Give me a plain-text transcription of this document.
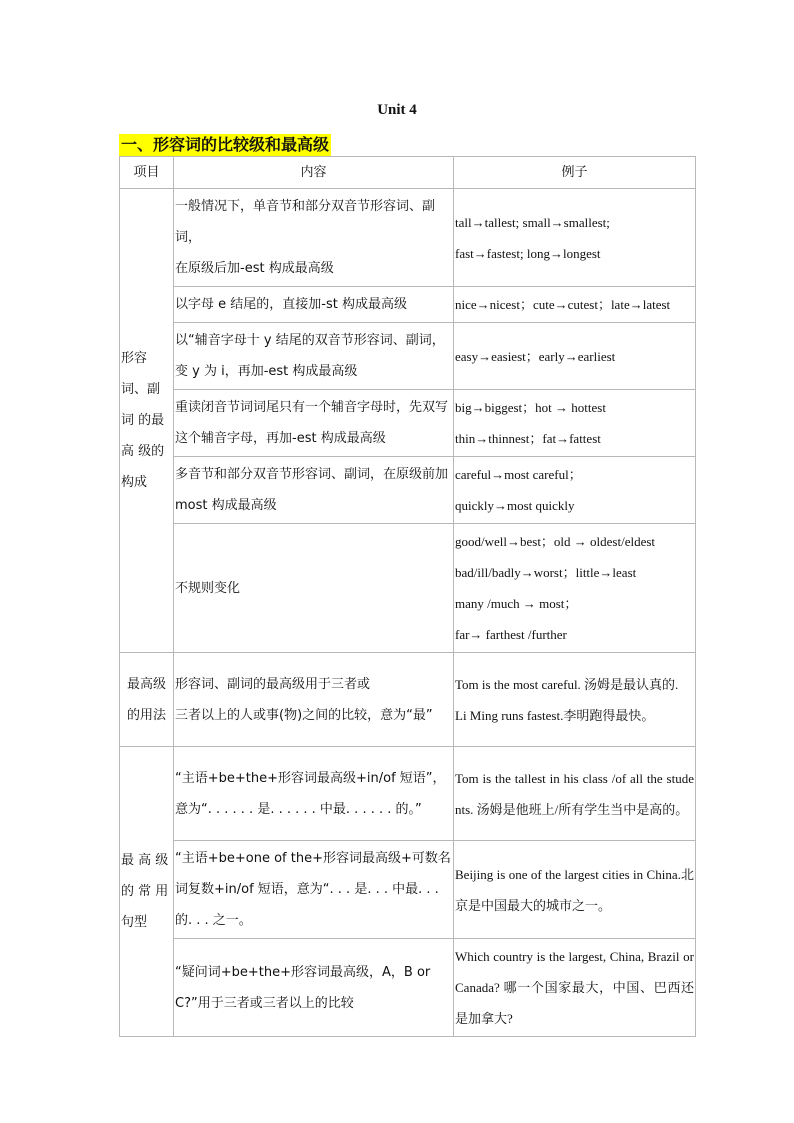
Unit 4
一、形容词的比较级和最高级
项目	内容	例子
形容词、副 词 的最 高 级的构成	一般情况下，单音节和部分双音节形容词、副词，
在原级后加-est 构成最高级	tall→tallest; small→smallest;
fast→fastest; long→longest

	以字母 e 结尾的，直接加-st 构成最高级	nice→nicest；cute→cutest；late→latest

	以“辅音字母十 y 结尾的双音节形容词、副词，变 y 为 i，再加-est 构成最高级	easy→easiest；early→earliest

	重读闭音节词词尾只有一个辅音字母时，先双写这个辅音字母，再加-est 构成最高级	big→biggest；hot → hottest
thin→thinnest；fat→fattest

	多音节和部分双音节形容词、副词，在原级前加 most 构成最高级	careful→most careful；
quickly→most quickly

	不规则变化	good/well→best；old → oldest/eldest
bad/ill/badly→worst；little→least
many /much → most；
far→ farthest /further

最高级的用法	形容词、副词的最高级用于三者或
三者以上的人或事(物)之间的比较，意为“最”	Tom is the most careful. 汤姆是最认真的.
Li Ming runs fastest.李明跑得最快。

最 高 级的 常 用句型	“主语+be+the+形容词最高级+in/of 短语”，意为“. . . . . . 是. . . . . . 中最. . . . . . 的。”	Tom is the tallest in his class /of all the students. 汤姆是他班上/所有学生当中是高的。

	“主语+be+one of the+形容词最高级+可数名词复数+in/of 短语，意为“. . . 是. . . 中最. . . 的. . . 之一。	Beijing is one of the largest cities in China.北京是中国最大的城市之一。

	“疑问词+be+the+形容词最高级，A，B or C?”用于三者或三者以上的比较	Which country is the largest, China, Brazil or Canada? 哪一个国家最大，中国、巴西还是加拿大?
